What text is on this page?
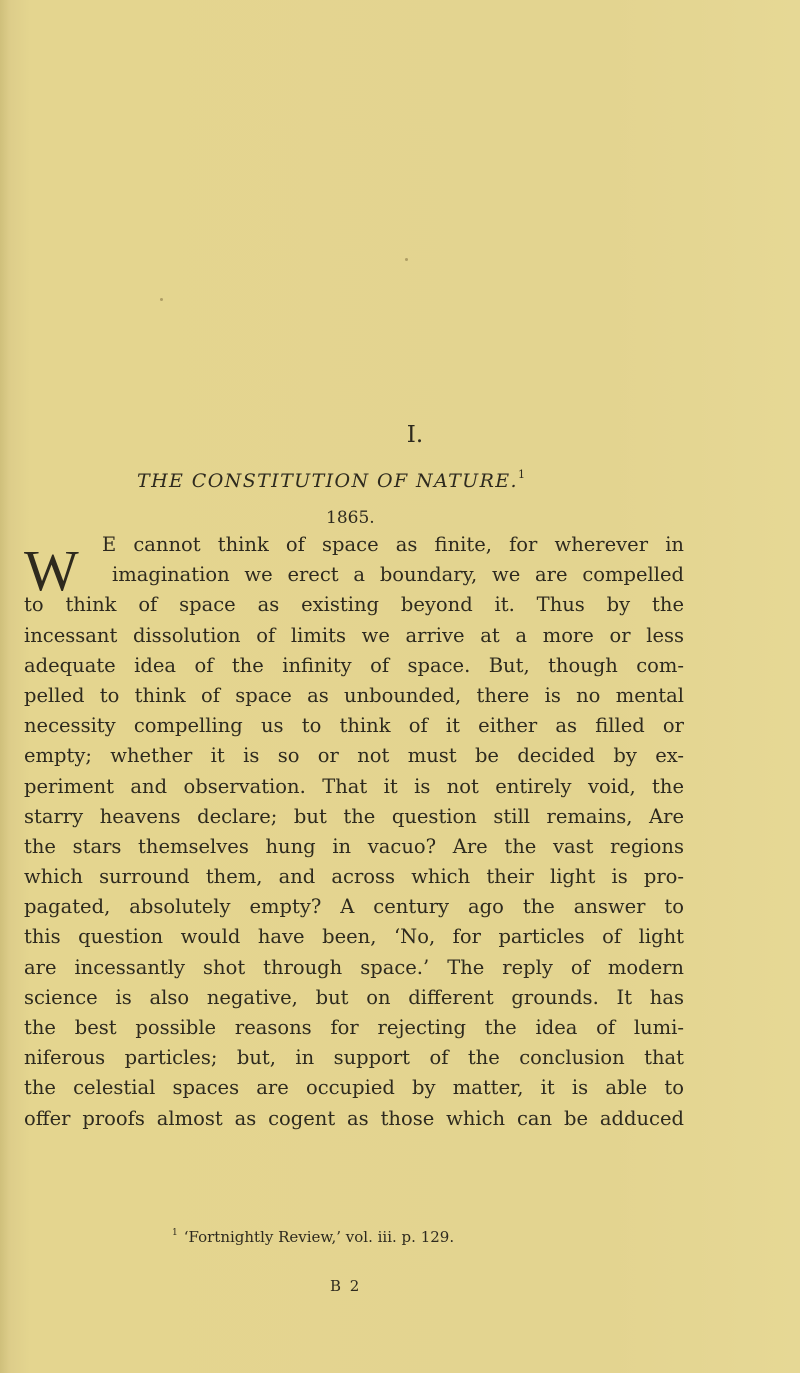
I.
THE CONSTITUTION OF NATURE.$^1$
1865.
W	E cannot think of space as finite, for wherever in
imagination we erect a boundary, we are compelled
to think of space as existing beyond it. Thus by the
incessant dissolution of limits we arrive at a more or less
adequate idea of the infinity of space. But, though com-
pelled to think of space as unbounded, there is no mental
necessity compelling us to think of it either as filled or
empty; whether it is so or not must be decided by ex-
periment and observation. That it is not entirely void, the
starry heavens declare; but the question still remains, Are
the stars themselves hung in vacuo? Are the vast regions
which surround them, and across which their light is pro-
pagated, absolutely empty? A century ago the answer to
this question would have been, ‘No, for particles of light
are incessantly shot through space.’ The reply of modern
science is also negative, but on different grounds. It has
the best possible reasons for rejecting the idea of lumi-
niferous particles; but, in support of the conclusion that
the celestial spaces are occupied by matter, it is able to
offer proofs almost as cogent as those which can be adduced
$^1$ ‘Fortnightly Review,’ vol. iii. p. 129.
B 2
